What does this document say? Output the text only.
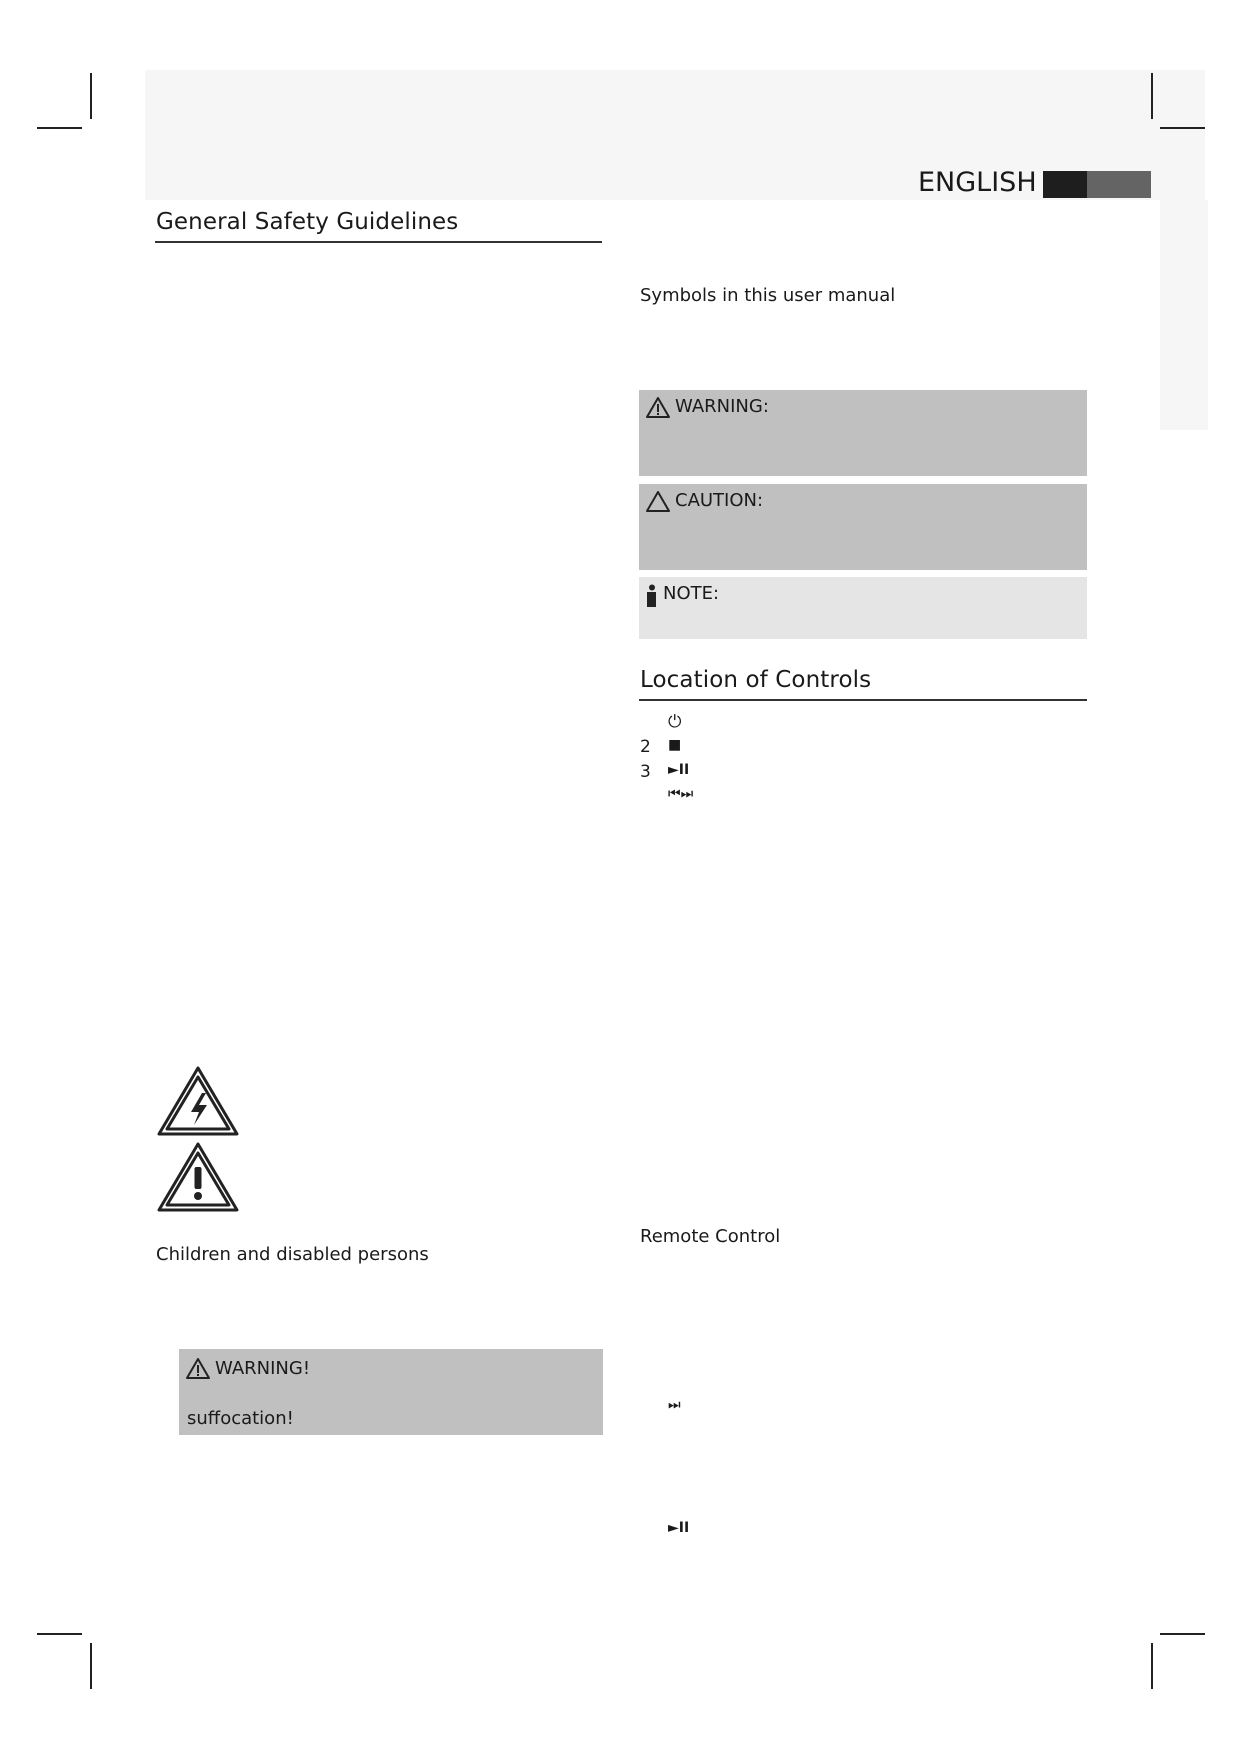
ENGLISH
General Safety Guidelines
Children and disabled persons
WARNING!
suffocation!
Symbols in this user manual
WARNING:
CAUTION:
NOTE:
Location of Controls
⏻
2	■
3	►II
⏮⏭
Remote Control
⏭
►II
